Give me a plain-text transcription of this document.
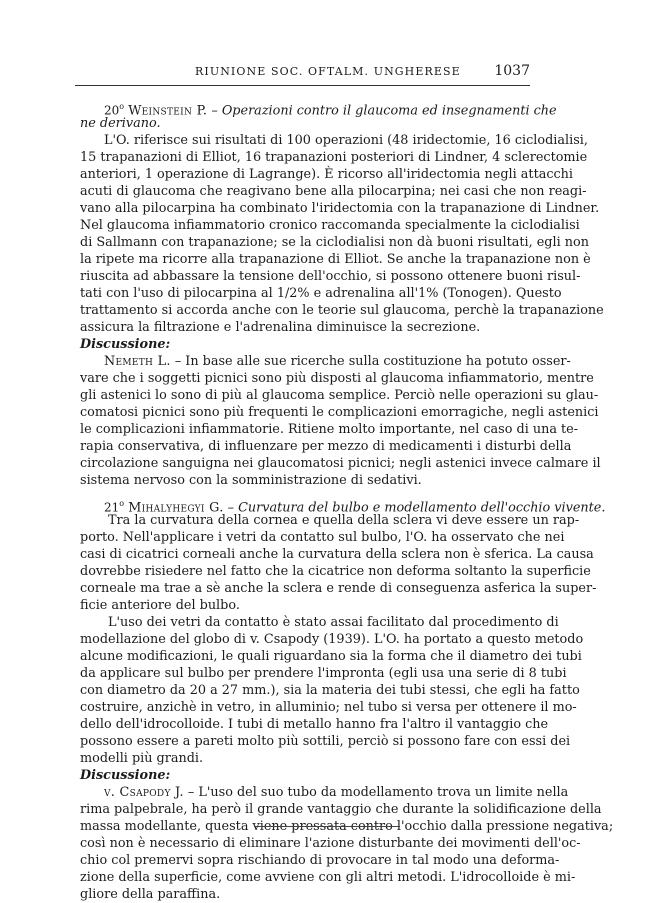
RIUNIONE SOC. OFTALM. UNGHERESE 1037
20$^o$ Weinstein P. – Operazioni contro il glaucoma ed insegnamenti che
ne derivano.
L'O. riferisce sui risultati di 100 operazioni (48 iridectomie, 16 ciclodialisi,
15 trapanazioni di Elliot, 16 trapanazioni posteriori di Lindner, 4 sclerectomie
anteriori, 1 operazione di Lagrange). È ricorso all'iridectomia negli attacchi
acuti di glaucoma che reagivano bene alla pilocarpina; nei casi che non reagi-
vano alla pilocarpina ha combinato l'iridectomia con la trapanazione di Lindner.
Nel glaucoma infiammatorio cronico raccomanda specialmente la ciclodialisi
di Sallmann con trapanazione; se la ciclodialisi non dà buoni risultati, egli non
la ripete ma ricorre alla trapanazione di Elliot. Se anche la trapanazione non è
riuscita ad abbassare la tensione dell'occhio, si possono ottenere buoni risul-
tati con l'uso di pilocarpina al 1/2% e adrenalina all'1% (Tonogen). Questo
trattamento si accorda anche con le teorie sul glaucoma, perchè la trapanazione
assicura la filtrazione e l'adrenalina diminuisce la secrezione.
Discussione:
Nemeth L. – In base alle sue ricerche sulla costituzione ha potuto osser-
vare che i soggetti picnici sono più disposti al glaucoma infiammatorio, mentre
gli astenici lo sono di più al glaucoma semplice. Perciò nelle operazioni su glau-
comatosi picnici sono più frequenti le complicazioni emorragiche, negli astenici
le complicazioni infiammatorie. Ritiene molto importante, nel caso di una te-
rapia conservativa, di influenzare per mezzo di medicamenti i disturbi della
circolazione sanguigna nei glaucomatosi picnici; negli astenici invece calmare il
sistema nervoso con la somministrazione di sedativi.
21$^o$ Mihalyhegyi G. – Curvatura del bulbo e modellamento dell'occhio vivente.
Tra la curvatura della cornea e quella della sclera vi deve essere un rap-
porto. Nell'applicare i vetri da contatto sul bulbo, l'O. ha osservato che nei
casi di cicatrici corneali anche la curvatura della sclera non è sferica. La causa
dovrebbe risiedere nel fatto che la cicatrice non deforma soltanto la superficie
corneale ma trae a sè anche la sclera e rende di conseguenza asferica la super-
ficie anteriore del bulbo.
L'uso dei vetri da contatto è stato assai facilitato dal procedimento di
modellazione del globo di v. Csapody (1939). L'O. ha portato a questo metodo
alcune modificazioni, le quali riguardano sia la forma che il diametro dei tubi
da applicare sul bulbo per prendere l'impronta (egli usa una serie di 8 tubi
con diametro da 20 a 27 mm.), sia la materia dei tubi stessi, che egli ha fatto
costruire, anzichè in vetro, in alluminio; nel tubo si versa per ottenere il mo-
dello dell'idrocolloide. I tubi di metallo hanno fra l'altro il vantaggio che
possono essere a pareti molto più sottili, perciò si possono fare con essi dei
modelli più grandi.
Discussione:
v. Csapody J. – L'uso del suo tubo da modellamento trova un limite nella
rima palpebrale, ha però il grande vantaggio che durante la solidificazione della
massa modellante, questa viene pressata contro l'occhio dalla pressione negativa;
così non è necessario di eliminare l'azione disturbante dei movimenti dell'oc-
chio col premervi sopra rischiando di provocare in tal modo una deforma-
zione della superficie, come avviene con gli altri metodi. L'idrocolloide è mi-
gliore della paraffina.
